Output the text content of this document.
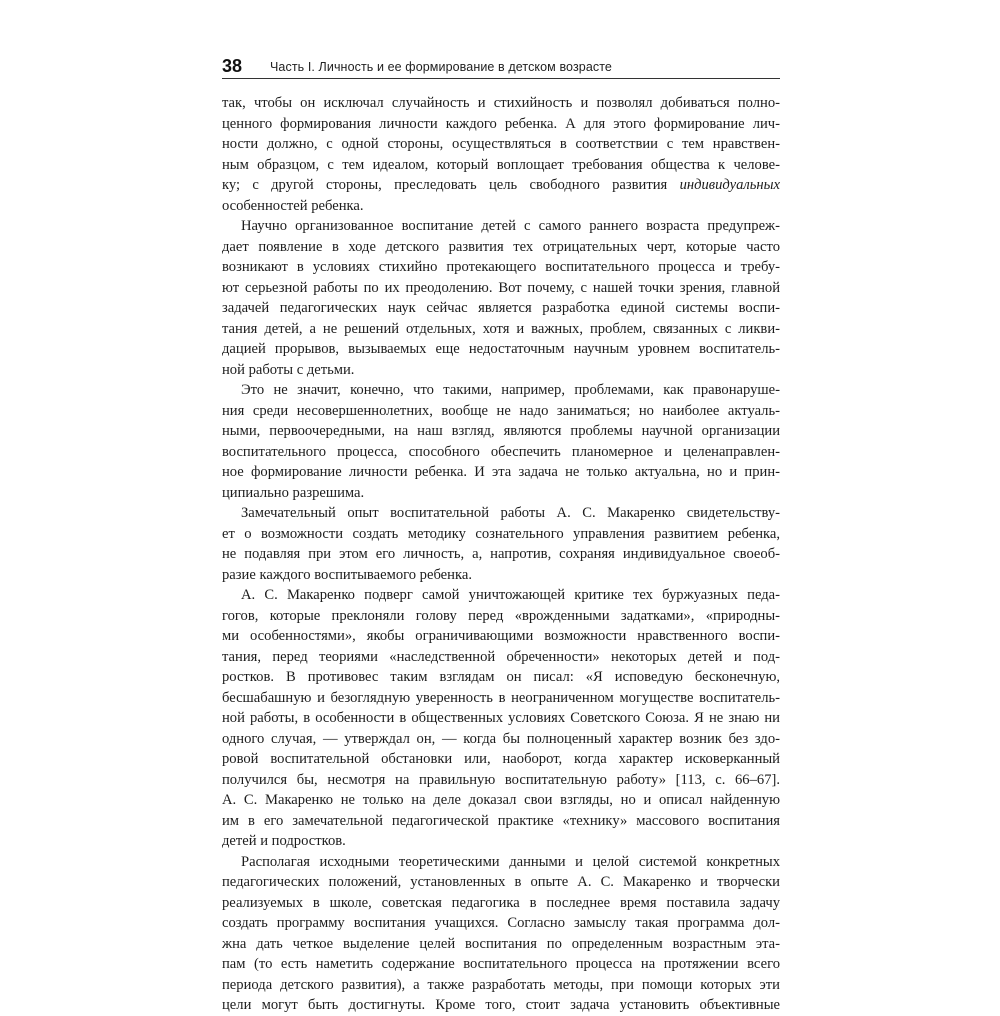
38 Часть I. Личность и ее формирование в детском возрасте

так, чтобы он исключал случайность и стихийность и позволял добиваться полно-
ценного формирования личности каждого ребенка. А для этого формирование лич-
ности должно, с одной стороны, осуществляться в соответствии с тем нравствен-
ным образцом, с тем идеалом, который воплощает требования общества к челове-
ку; с другой стороны, преследовать цель свободного развития индивидуальных
особенностей ребенка.

Научно организованное воспитание детей с самого раннего возраста предупреж-
дает появление в ходе детского развития тех отрицательных черт, которые часто
возникают в условиях стихийно протекающего воспитательного процесса и требу-
ют серьезной работы по их преодолению. Вот почему, с нашей точки зрения, главной
задачей педагогических наук сейчас является разработка единой системы воспи-
тания детей, а не решений отдельных, хотя и важных, проблем, связанных с ликви-
дацией прорывов, вызываемых еще недостаточным научным уровнем воспитатель-
ной работы с детьми.

Это не значит, конечно, что такими, например, проблемами, как правонаруше-
ния среди несовершеннолетних, вообще не надо заниматься; но наиболее актуаль-
ными, первоочередными, на наш взгляд, являются проблемы научной организации
воспитательного процесса, способного обеспечить планомерное и целенаправлен-
ное формирование личности ребенка. И эта задача не только актуальна, но и прин-
ципиально разрешима.

Замечательный опыт воспитательной работы А. С. Макаренко свидетельству-
ет о возможности создать методику сознательного управления развитием ребенка,
не подавляя при этом его личность, а, напротив, сохраняя индивидуальное своеоб-
разие каждого воспитываемого ребенка.

А. С. Макаренко подверг самой уничтожающей критике тех буржуазных педа-
гогов, которые преклоняли голову перед «врожденными задатками», «природны-
ми особенностями», якобы ограничивающими возможности нравственного воспи-
тания, перед теориями «наследственной обреченности» некоторых детей и под-
ростков. В противовес таким взглядам он писал: «Я исповедую бесконечную,
бесшабашную и безоглядную уверенность в неограниченном могуществе воспитатель-
ной работы, в особенности в общественных условиях Советского Союза. Я не знаю ни
одного случая, — утверждал он, — когда бы полноценный характер возник без здо-
ровой воспитательной обстановки или, наоборот, когда характер исковерканный
получился бы, несмотря на правильную воспитательную работу» [113, с. 66–67].
А. С. Макаренко не только на деле доказал свои взгляды, но и описал найденную
им в его замечательной педагогической практике «технику» массового воспитания
детей и подростков.

Располагая исходными теоретическими данными и целой системой конкретных
педагогических положений, установленных в опыте А. С. Макаренко и творчески
реализуемых в школе, советская педагогика в последнее время поставила задачу
создать программу воспитания учащихся. Согласно замыслу такая программа дол-
жна дать четкое выделение целей воспитания по определенным возрастным эта-
пам (то есть наметить содержание воспитательного процесса на протяжении всего
периода детского развития), а также разработать методы, при помощи которых эти
цели могут быть достигнуты. Кроме того, стоит задача установить объективные
